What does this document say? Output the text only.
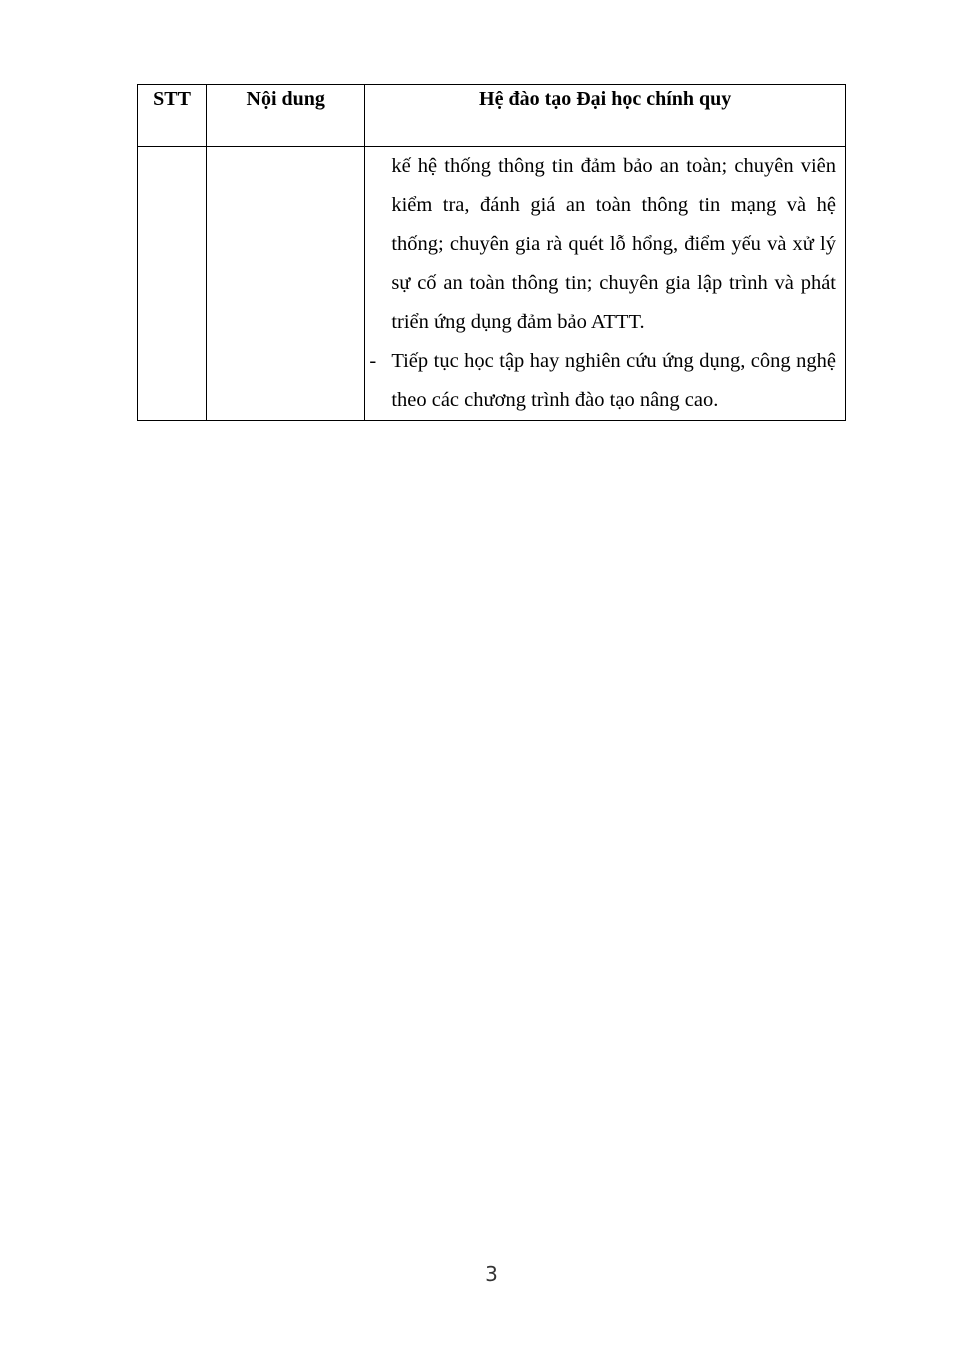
STT	Nội dung	Hệ đào tạo Đại học chính quy

		kế hệ thống thông tin đảm bảo an toàn; chuyên viên kiểm tra, đánh giá an toàn thông tin mạng và hệ thống; chuyên gia rà quét lỗ hổng, điểm yếu và xử lý sự cố an toàn thông tin; chuyên gia lập trình và phát triển ứng dụng đảm bảo ATTT.
- Tiếp tục học tập hay nghiên cứu ứng dụng, công nghệ theo các chương trình đào tạo nâng cao.
3
